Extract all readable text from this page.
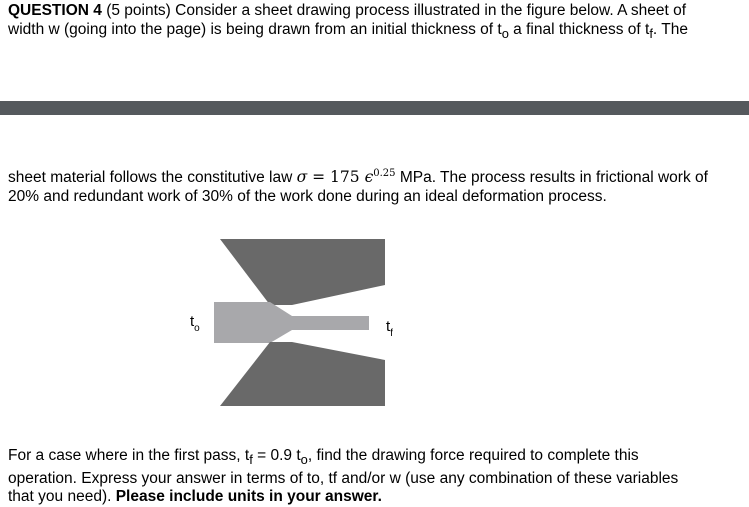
QUESTION 4 (5 points) Consider a sheet drawing process illustrated in the figure below. A sheet of
width w (going into the page) is being drawn from an initial thickness of $t_o$ a final thickness of $t_f$. The
sheet material follows the constitutive law σ = 175 $\epsilon^{0.25}$ MPa. The process results in frictional work of
20% and redundant work of 30% of the work done during an ideal deformation process.
$t_o$	$t_f$
For a case where in the first pass, $t_f = 0.9$ $t_o$, find the drawing force required to complete this
operation. Express your answer in terms of to, tf and/or w (use any combination of these variables
that you need). Please include units in your answer.
